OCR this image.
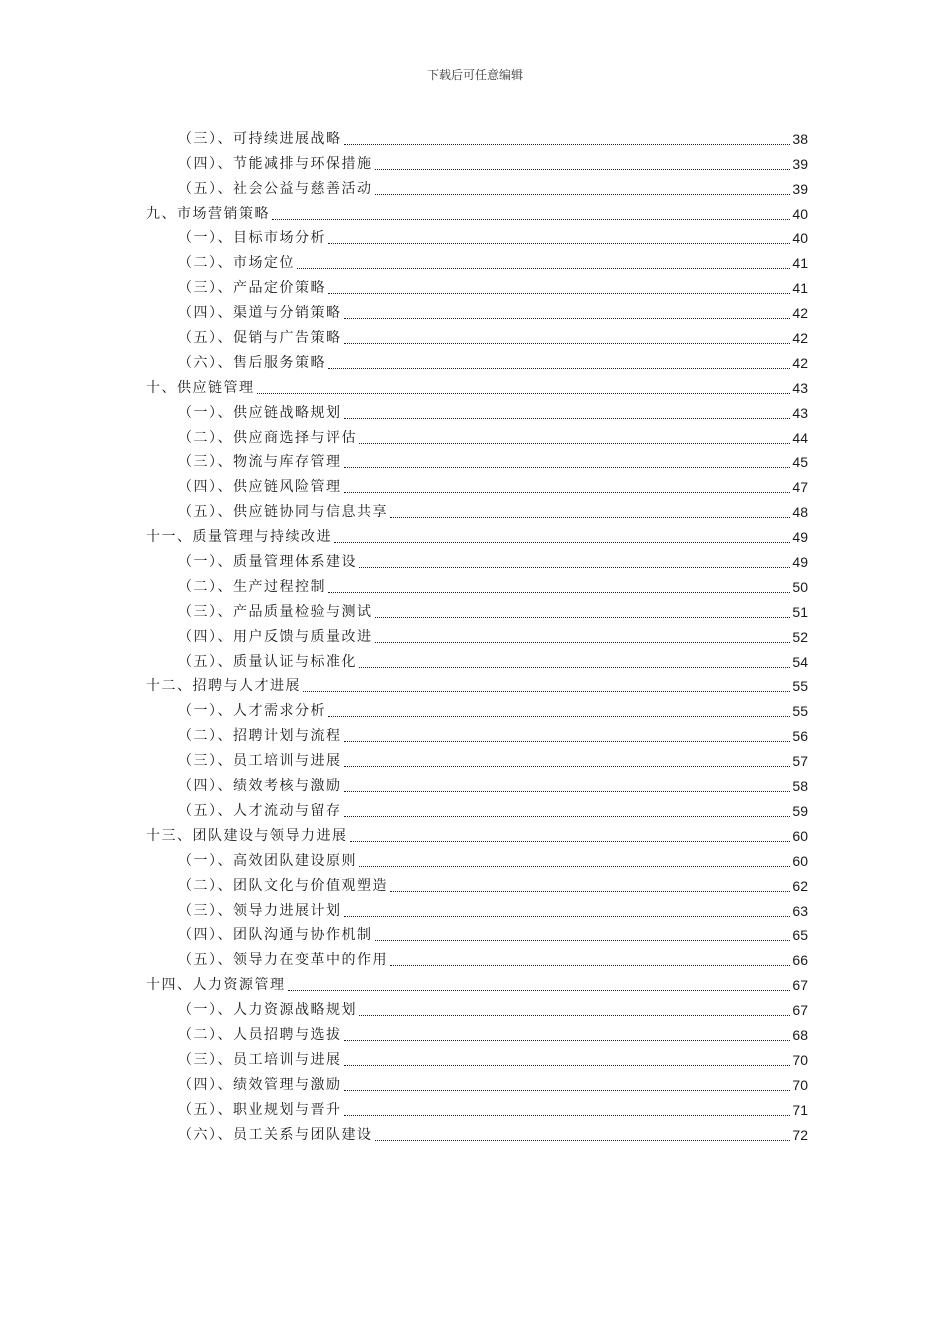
下载后可任意编辑
（三）、可持续进展战略	38
（四）、节能减排与环保措施	39
（五）、社会公益与慈善活动	39
九、市场营销策略	40
（一）、目标市场分析	40
（二）、市场定位	41
（三）、产品定价策略	41
（四）、渠道与分销策略	42
（五）、促销与广告策略	42
（六）、售后服务策略	42
十、供应链管理	43
（一）、供应链战略规划	43
（二）、供应商选择与评估	44
（三）、物流与库存管理	45
（四）、供应链风险管理	47
（五）、供应链协同与信息共享	48
十一、质量管理与持续改进	49
（一）、质量管理体系建设	49
（二）、生产过程控制	50
（三）、产品质量检验与测试	51
（四）、用户反馈与质量改进	52
（五）、质量认证与标准化	54
十二、招聘与人才进展	55
（一）、人才需求分析	55
（二）、招聘计划与流程	56
（三）、员工培训与进展	57
（四）、绩效考核与激励	58
（五）、人才流动与留存	59
十三、团队建设与领导力进展	60
（一）、高效团队建设原则	60
（二）、团队文化与价值观塑造	62
（三）、领导力进展计划	63
（四）、团队沟通与协作机制	65
（五）、领导力在变革中的作用	66
十四、人力资源管理	67
（一）、人力资源战略规划	67
（二）、人员招聘与选拔	68
（三）、员工培训与进展	70
（四）、绩效管理与激励	70
（五）、职业规划与晋升	71
（六）、员工关系与团队建设	72
